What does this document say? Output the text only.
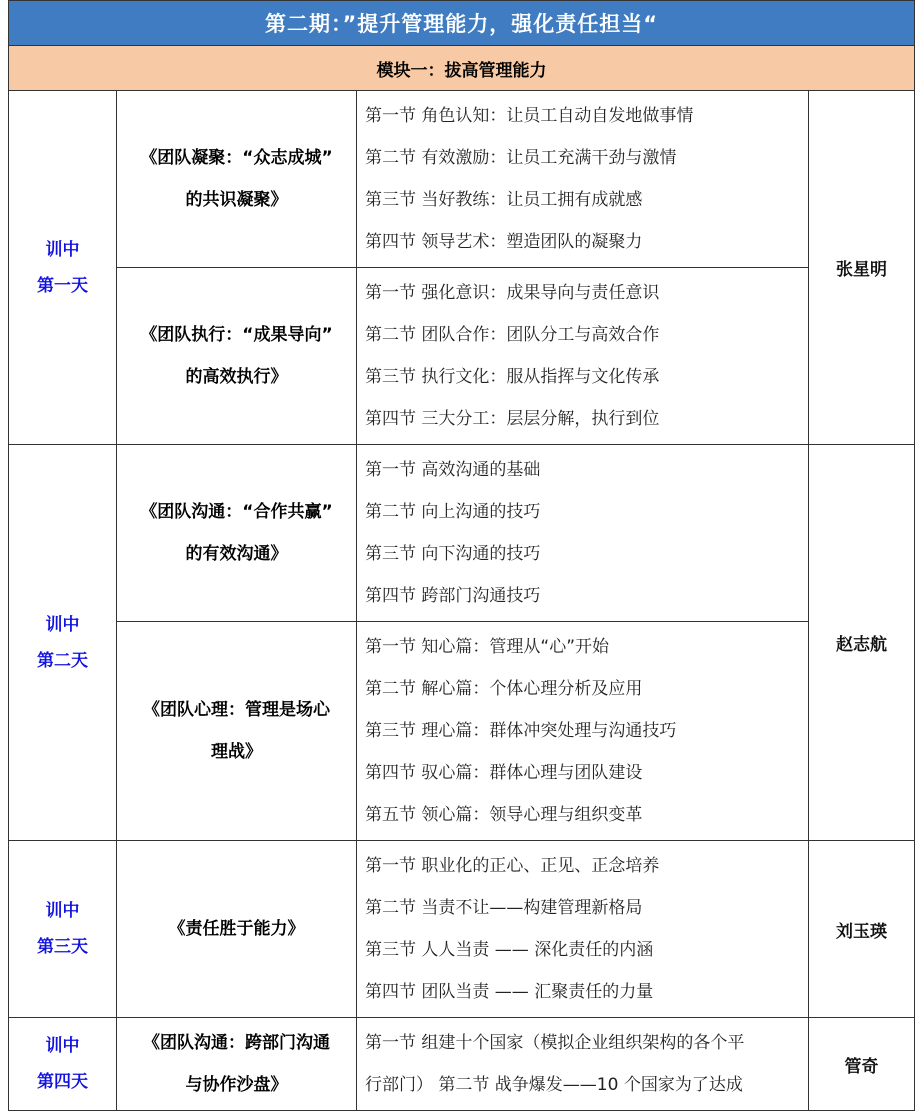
第二期：”提升管理能力，强化责任担当“			
模块一：拔高管理能力			

训中
第一天	《团队凝聚：“众志成城”
的共识凝聚》	第一节 角色认知：让员工自动自发地做事情
第二节 有效激励：让员工充满干劲与激情
第三节 当好教练：让员工拥有成就感
第四节 领导艺术：塑造团队的凝聚力	张星明

	《团队执行：“成果导向”
的高效执行》	第一节 强化意识：成果导向与责任意识
第二节 团队合作：团队分工与高效合作
第三节 执行文化：服从指挥与文化传承
第四节 三大分工：层层分解，执行到位	

训中
第二天	《团队沟通：“合作共赢”
的有效沟通》	第一节 高效沟通的基础
第二节 向上沟通的技巧
第三节 向下沟通的技巧
第四节 跨部门沟通技巧	赵志航

	《团队心理：管理是场心
理战》	第一节 知心篇：管理从“心”开始
第二节 解心篇：个体心理分析及应用
第三节 理心篇：群体冲突处理与沟通技巧
第四节 驭心篇：群体心理与团队建设
第五节 领心篇：领导心理与组织变革	

训中
第三天	《责任胜于能力》	第一节 职业化的正心、正见、正念培养
第二节 当责不让——构建管理新格局
第三节 人人当责 —— 深化责任的内涵
第四节 团队当责 —— 汇聚责任的力量	刘玉瑛

训中
第四天	《团队沟通：跨部门沟通
与协作沙盘》	第一节 组建十个国家（模拟企业组织架构的各个平
行部门） 第二节 战争爆发——10 个国家为了达成	管奇
